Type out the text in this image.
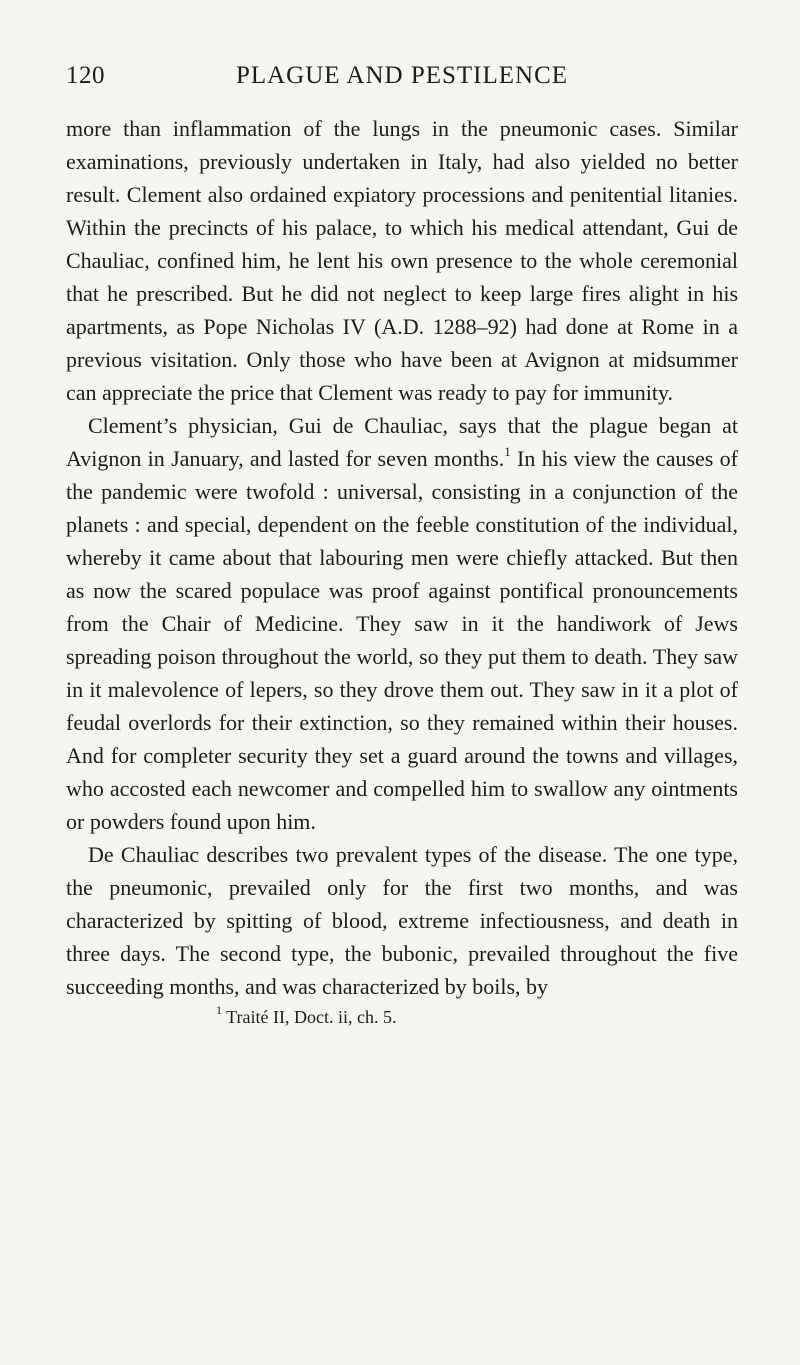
120	PLAGUE AND PESTILENCE

more than inflammation of the lungs in the pneumonic cases. Similar examinations, previously undertaken in Italy, had also yielded no better result. Clement also ordained expiatory processions and penitential litanies. Within the precincts of his palace, to which his medical attendant, Gui de Chauliac, confined him, he lent his own presence to the whole ceremonial that he prescribed. But he did not neglect to keep large fires alight in his apartments, as Pope Nicholas IV (A.D. 1288–92) had done at Rome in a previous visitation. Only those who have been at Avignon at midsummer can appreciate the price that Clement was ready to pay for immunity.

Clement’s physician, Gui de Chauliac, says that the plague began at Avignon in January, and lasted for seven months.$^1$ In his view the causes of the pandemic were twofold : universal, consisting in a conjunction of the planets : and special, dependent on the feeble constitution of the individual, whereby it came about that labouring men were chiefly attacked. But then as now the scared populace was proof against pontifical pronouncements from the Chair of Medicine. They saw in it the handiwork of Jews spreading poison throughout the world, so they put them to death. They saw in it malevolence of lepers, so they drove them out. They saw in it a plot of feudal overlords for their extinction, so they remained within their houses. And for completer security they set a guard around the towns and villages, who accosted each newcomer and compelled him to swallow any ointments or powders found upon him.

De Chauliac describes two prevalent types of the disease. The one type, the pneumonic, prevailed only for the first two months, and was characterized by spitting of blood, extreme infectiousness, and death in three days. The second type, the bubonic, prevailed throughout the five succeeding months, and was characterized by boils, by

$^1$ Traité II, Doct. ii, ch. 5.
